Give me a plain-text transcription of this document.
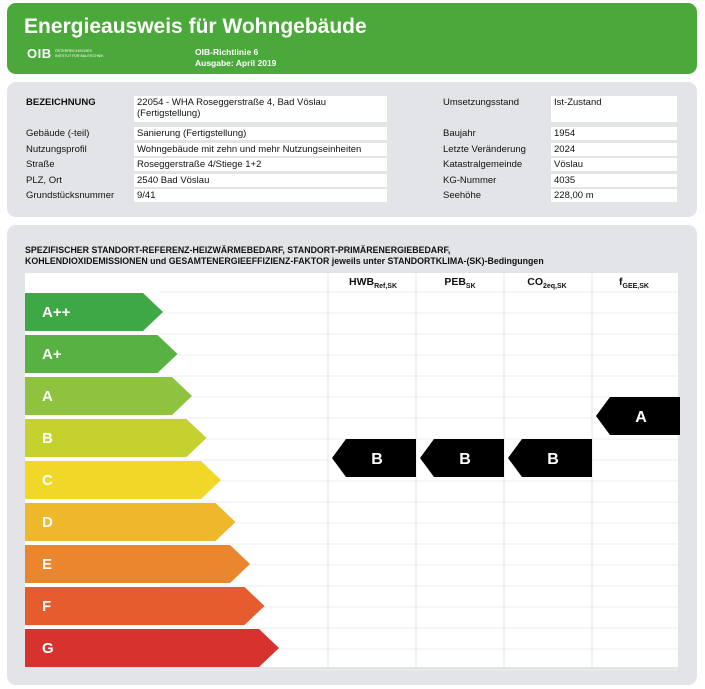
Energieausweis für Wohngebäude
OIB ÖSTERREICHISCHES
INSTITUT FÜR BAUTECHNIK	OIB-Richtlinie 6
Ausgabe: April 2019
BEZEICHNUNG	22054 - WHA Roseggerstraße 4, Bad Vöslau (Fertigstellung)
Gebäude (-teil)	Sanierung (Fertigstellung)
Nutzungsprofil	Wohngebäude mit zehn und mehr Nutzungseinheiten
Straße	Roseggerstraße 4/Stiege 1+2
PLZ, Ort	2540 Bad Vöslau
Grundstücksnummer	9/41
Umsetzungsstand	Ist-Zustand
Baujahr	1954
Letzte Veränderung	2024
Katastralgemeinde	Vöslau
KG-Nummer	4035
Seehöhe	228,00 m
SPEZIFISCHER STANDORT-REFERENZ-HEIZWÄRMEBEDARF, STANDORT-PRIMÄRENERGIEBEDARF,
KOHLENDIOXIDEMISSIONEN und GESAMTENERGIEEFFIZIENZ-FAKTOR jeweils unter STANDORTKLIMA-(SK)-Bedingungen
$HWB_{Ref,SK}$	$PEB_{SK}$	$CO_{2eq,SK}$	$f_{GEE,SK}$
A++
A+
A
B
C
D
E
F
G
B	B	B
A
